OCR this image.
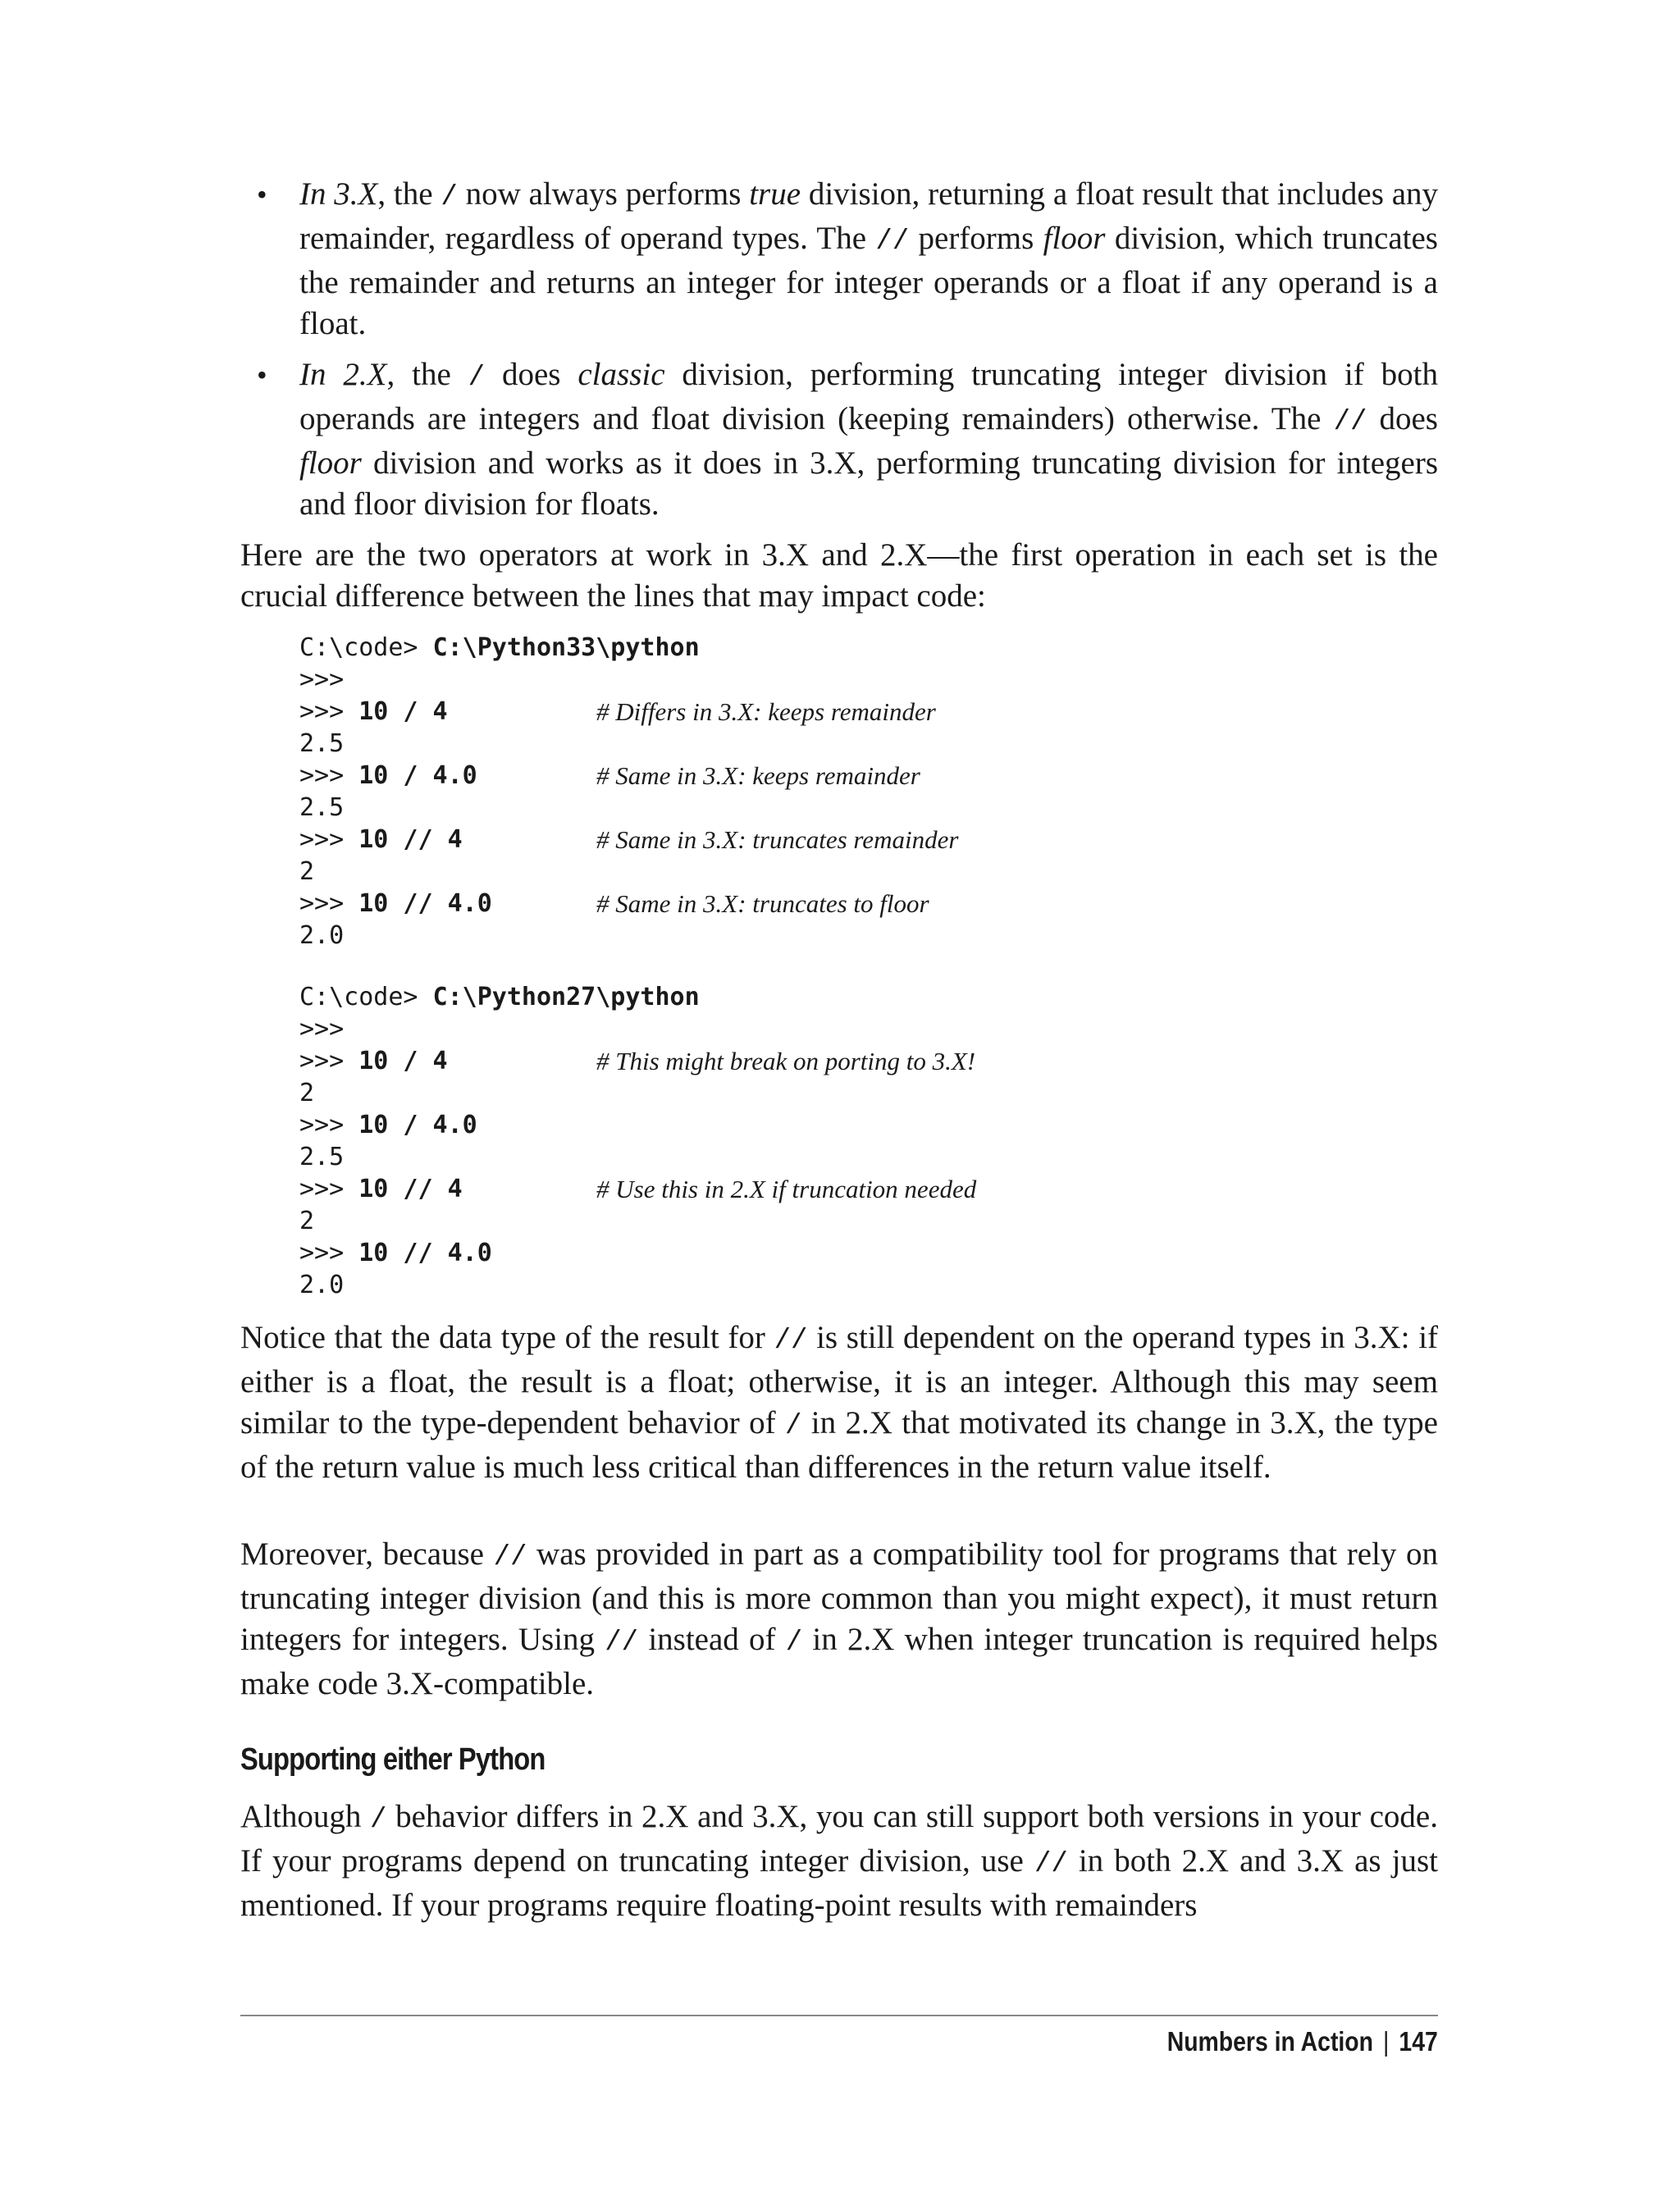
• In 3.X, the / now always performs true division, returning a float result that includes any remainder, regardless of operand types. The // performs floor division, which truncates the remainder and returns an integer for integer operands or a float if any operand is a float.
• In 2.X, the / does classic division, performing truncating integer division if both operands are integers and float division (keeping remainders) otherwise. The // does floor division and works as it does in 3.X, performing truncating division for integers and floor division for floats.

Here are the two operators at work in 3.X and 2.X—the first operation in each set is the crucial difference between the lines that may impact code:

C:\code> C:\Python33\python
>>>
>>> 10 / 4	# Differs in 3.X: keeps remainder
2.5
>>> 10 / 4.0	# Same in 3.X: keeps remainder
2.5
>>> 10 // 4	# Same in 3.X: truncates remainder
2
>>> 10 // 4.0	# Same in 3.X: truncates to floor
2.0
C:\code> C:\Python27\python
>>>
>>> 10 / 4	# This might break on porting to 3.X!
2
>>> 10 / 4.0
2.5
>>> 10 // 4	# Use this in 2.X if truncation needed
2
>>> 10 // 4.0
2.0

Notice that the data type of the result for // is still dependent on the operand types in 3.X: if either is a float, the result is a float; otherwise, it is an integer. Although this may seem similar to the type-dependent behavior of / in 2.X that motivated its change in 3.X, the type of the return value is much less critical than differences in the return value itself.

Moreover, because // was provided in part as a compatibility tool for programs that rely on truncating integer division (and this is more common than you might expect), it must return integers for integers. Using // instead of / in 2.X when integer truncation is required helps make code 3.X-compatible.

Supporting either Python

Although / behavior differs in 2.X and 3.X, you can still support both versions in your code. If your programs depend on truncating integer division, use // in both 2.X and 3.X as just mentioned. If your programs require floating-point results with remainders

Numbers in Action | 147
